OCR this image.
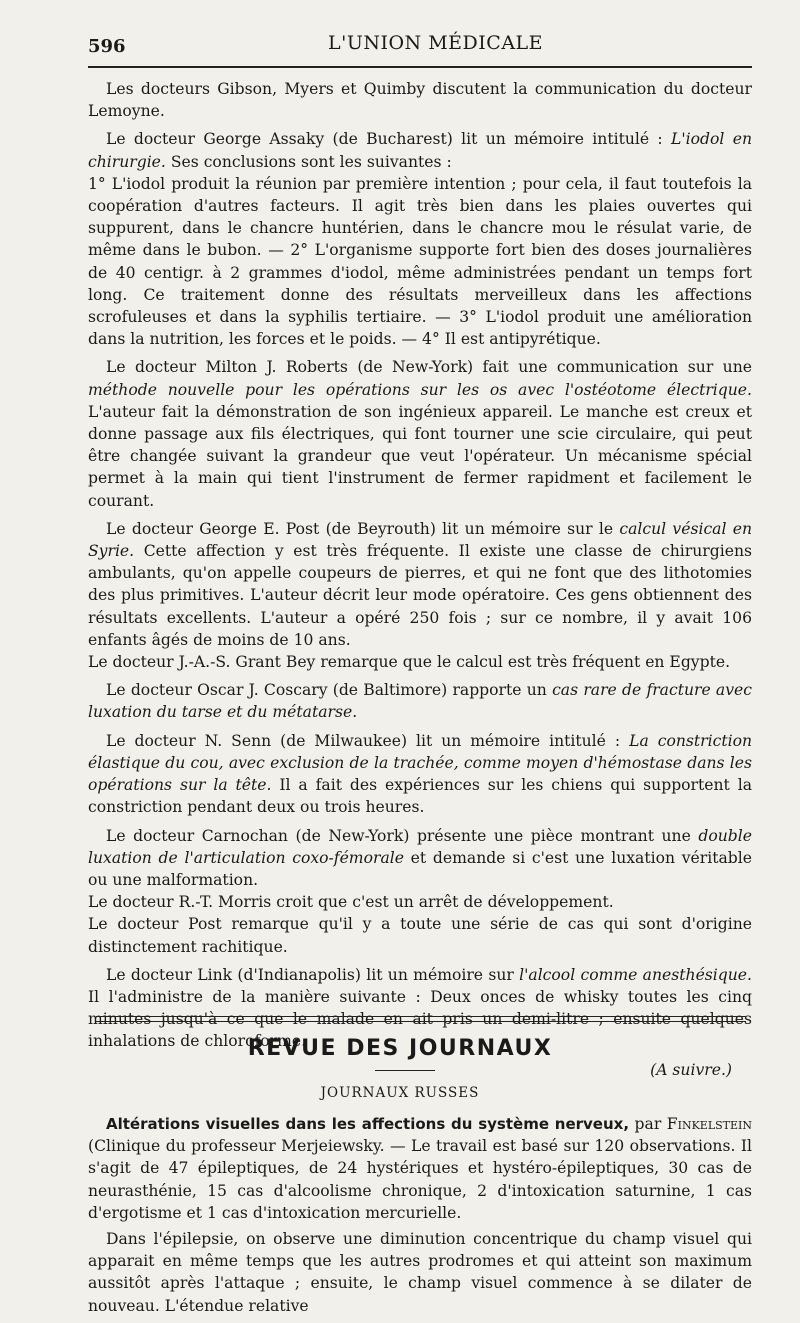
596	L'UNION MÉDICALE

Les docteurs Gibson, Myers et Quimby discutent la communication du docteur Lemoyne.

Le docteur George Assaky (de Bucharest) lit un mémoire intitulé : L'iodol en chirurgie. Ses conclusions sont les suivantes :
1° L'iodol produit la réunion par première intention ; pour cela, il faut toutefois la coopération d'autres facteurs. Il agit très bien dans les plaies ouvertes qui suppurent, dans le chancre huntérien, dans le chancre mou le résulat varie, de même dans le bubon. — 2° L'organisme supporte fort bien des doses journalières de 40 centigr. à 2 grammes d'iodol, même administrées pendant un temps fort long. Ce traitement donne des résultats merveilleux dans les affections scrofuleuses et dans la syphilis tertiaire. — 3° L'iodol produit une amélioration dans la nutrition, les forces et le poids. — 4° Il est antipyrétique.

Le docteur Milton J. Roberts (de New-York) fait une communication sur une méthode nouvelle pour les opérations sur les os avec l'ostéotome électrique. L'auteur fait la démonstration de son ingénieux appareil. Le manche est creux et donne passage aux fils électriques, qui font tourner une scie circulaire, qui peut être changée suivant la grandeur que veut l'opérateur. Un mécanisme spécial permet à la main qui tient l'instrument de fermer rapidment et facilement le courant.

Le docteur George E. Post (de Beyrouth) lit un mémoire sur le calcul vésical en Syrie. Cette affection y est très fréquente. Il existe une classe de chirurgiens ambulants, qu'on appelle coupeurs de pierres, et qui ne font que des lithotomies des plus primitives. L'auteur décrit leur mode opératoire. Ces gens obtiennent des résultats excellents. L'auteur a opéré 250 fois ; sur ce nombre, il y avait 106 enfants âgés de moins de 10 ans.
Le docteur J.-A.-S. Grant Bey remarque que le calcul est très fréquent en Egypte.

Le docteur Oscar J. Coscary (de Baltimore) rapporte un cas rare de fracture avec luxation du tarse et du métatarse.

Le docteur N. Senn (de Milwaukee) lit un mémoire intitulé : La constriction élastique du cou, avec exclusion de la trachée, comme moyen d'hémostase dans les opérations sur la tête. Il a fait des expériences sur les chiens qui supportent la constriction pendant deux ou trois heures.

Le docteur Carnochan (de New-York) présente une pièce montrant une double luxation de l'articulation coxo-fémorale et demande si c'est une luxation véritable ou une malformation.
Le docteur R.-T. Morris croit que c'est un arrêt de développement.
Le docteur Post remarque qu'il y a toute une série de cas qui sont d'origine distinctement rachitique.

Le docteur Link (d'Indianapolis) lit un mémoire sur l'alcool comme anesthésique. Il l'administre de la manière suivante : Deux onces de whisky toutes les cinq minutes jusqu'à ce que le malade en ait pris un demi-litre ; ensuite quelques inhalations de chloroforme.

(A suivre.)

REVUE DES JOURNAUX
JOURNAUX RUSSES

Altérations visuelles dans les affections du système nerveux, par Finkelstein (Clinique du professeur Merjeiewsky. — Le travail est basé sur 120 observations. Il s'agit de 47 épileptiques, de 24 hystériques et hystéro-épileptiques, 30 cas de neurasthénie, 15 cas d'alcoolisme chronique, 2 d'intoxication saturnine, 1 cas d'ergotisme et 1 cas d'intoxication mercurielle.

Dans l'épilepsie, on observe une diminution concentrique du champ visuel qui apparait en même temps que les autres prodromes et qui atteint son maximum aussitôt après l'attaque ; ensuite, le champ visuel commence à se dilater de nouveau. L'étendue relative
